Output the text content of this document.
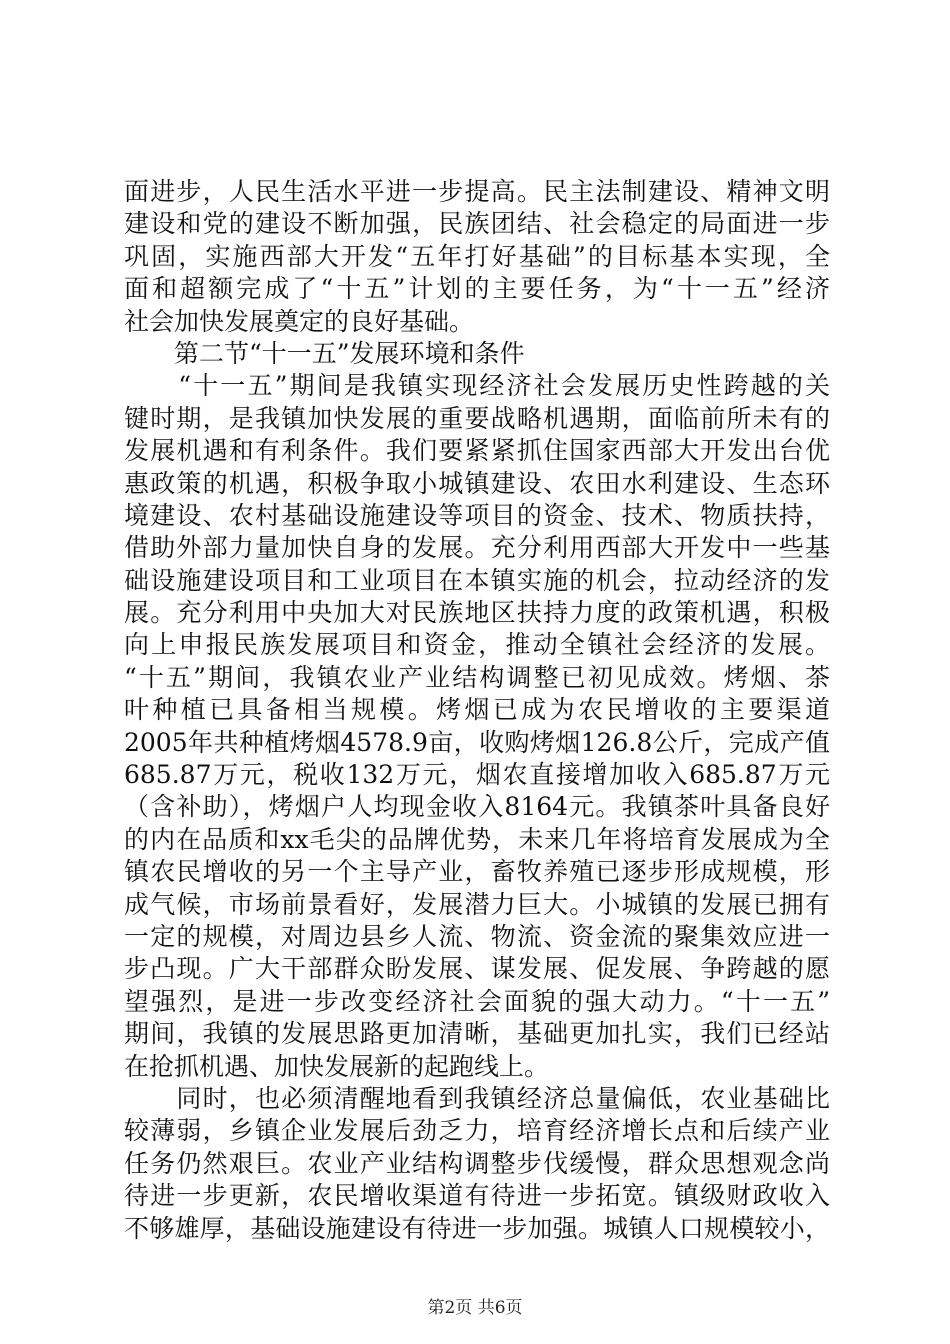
面进步，人民生活水平进一步提高。民主法制建设、精神文明
建设和党的建设不断加强，民族团结、社会稳定的局面进一步
巩固，实施西部大开发“五年打好基础”的目标基本实现，全
面和超额完成了“十五”计划的主要任务，为“十一五”经济
社会加快发展奠定的良好基础。
　　第二节“十一五”发展环境和条件
　　“十一五”期间是我镇实现经济社会发展历史性跨越的关
键时期，是我镇加快发展的重要战略机遇期，面临前所未有的
发展机遇和有利条件。我们要紧紧抓住国家西部大开发出台优
惠政策的机遇，积极争取小城镇建设、农田水利建设、生态环
境建设、农村基础设施建设等项目的资金、技术、物质扶持，
借助外部力量加快自身的发展。充分利用西部大开发中一些基
础设施建设项目和工业项目在本镇实施的机会，拉动经济的发
展。充分利用中央加大对民族地区扶持力度的政策机遇，积极
向上申报民族发展项目和资金，推动全镇社会经济的发展。
“十五”期间，我镇农业产业结构调整已初见成效。烤烟、茶
叶种植已具备相当规模。烤烟已成为农民增收的主要渠道
2005年共种植烤烟4578.9亩，收购烤烟126.8公斤，完成产值
685.87万元，税收132万元，烟农直接增加收入685.87万元
（含补助），烤烟户人均现金收入8164元。我镇茶叶具备良好
的内在品质和xx毛尖的品牌优势，未来几年将培育发展成为全
镇农民增收的另一个主导产业，畜牧养殖已逐步形成规模，形
成气候，市场前景看好，发展潜力巨大。小城镇的发展已拥有
一定的规模，对周边县乡人流、物流、资金流的聚集效应进一
步凸现。广大干部群众盼发展、谋发展、促发展、争跨越的愿
望强烈，是进一步改变经济社会面貌的强大动力。“十一五”
期间，我镇的发展思路更加清晰，基础更加扎实，我们已经站
在抢抓机遇、加快发展新的起跑线上。
　　同时，也必须清醒地看到我镇经济总量偏低，农业基础比
较薄弱，乡镇企业发展后劲乏力，培育经济增长点和后续产业
任务仍然艰巨。农业产业结构调整步伐缓慢，群众思想观念尚
待进一步更新，农民增收渠道有待进一步拓宽。镇级财政收入
不够雄厚，基础设施建设有待进一步加强。城镇人口规模较小，
第2页 共6页
